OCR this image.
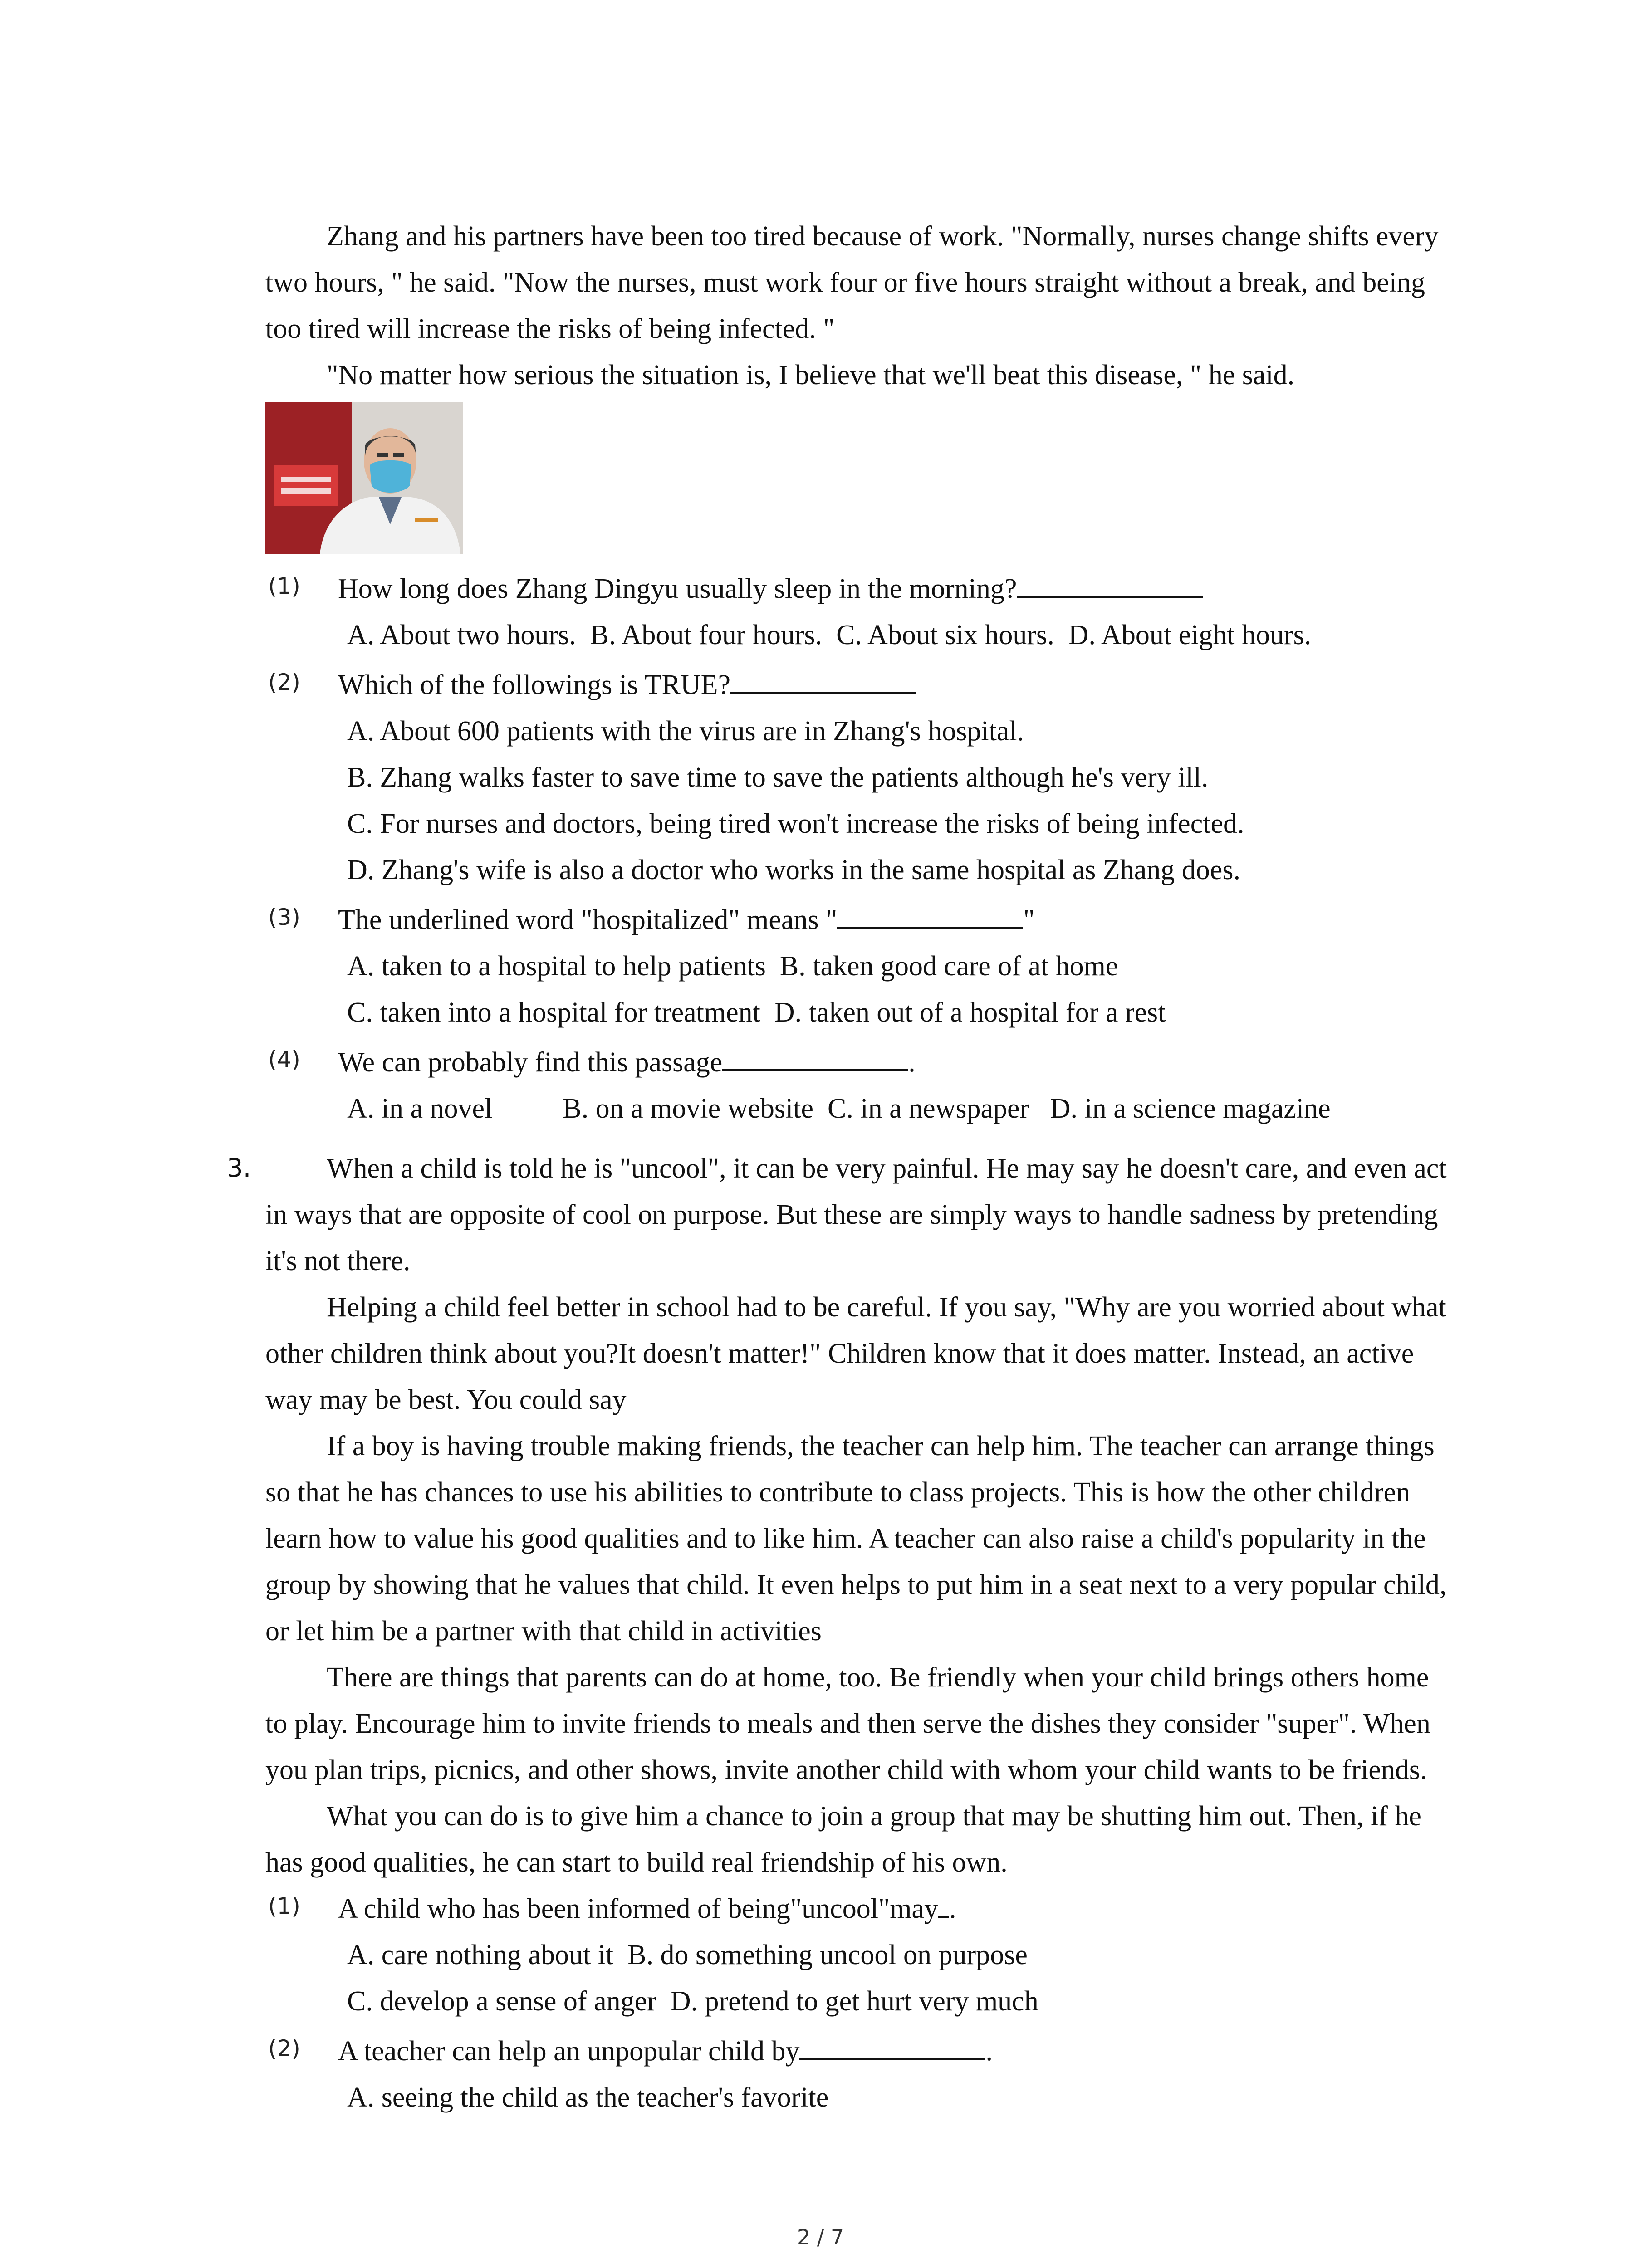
Zhang and his partners have been too tired because of work. "Normally, nurses change shifts every two hours, " he said. "Now the nurses, must work four or five hours straight without a break, and being too tired will increase the risks of being infected. "

"No matter how serious the situation is, I believe that we'll beat this disease, " he said.

(1) How long does Zhang Dingyu usually sleep in the morning?
A. About two hours.  B. About four hours.  C. About six hours.  D. About eight hours.
(2) Which of the followings is TRUE?
A. About 600 patients with the virus are in Zhang's hospital.
B. Zhang walks faster to save time to save the patients although he's very ill.
C. For nurses and doctors, being tired won't increase the risks of being infected.
D. Zhang's wife is also a doctor who works in the same hospital as Zhang does.
(3) The underlined word "hospitalized" means "	"
A. taken to a hospital to help patients  B. taken good care of at home
C. taken into a hospital for treatment  D. taken out of a hospital for a rest
(4) We can probably find this passage	.
A. in a novel          B. on a movie website  C. in a newspaper   D. in a science magazine
3.	When a child is told he is "uncool", it can be very painful. He may say he doesn't care, and even act in ways that are opposite of cool on purpose. But these are simply ways to handle sadness by pretending it's not there.

Helping a child feel better in school had to be careful. If you say, "Why are you worried about what other children think about you?It doesn't matter!" Children know that it does matter. Instead, an active way may be best. You could say

If a boy is having trouble making friends, the teacher can help him. The teacher can arrange things so that he has chances to use his abilities to contribute to class projects. This is how the other children learn how to value his good qualities and to like him. A teacher can also raise a child's popularity in the group by showing that he values that child. It even helps to put him in a seat next to a very popular child, or let him be a partner with that child in activities

There are things that parents can do at home, too. Be friendly when your child brings others home to play. Encourage him to invite friends to meals and then serve the dishes they consider "super". When you plan trips, picnics, and other shows, invite another child with whom your child wants to be friends.

What you can do is to give him a chance to join a group that may be shutting him out. Then, if he has good qualities, he can start to build real friendship of his own.

(1) A child who has been informed of being"uncool"may .
A. care nothing about it  B. do something uncool on purpose
C. develop a sense of anger  D. pretend to get hurt very much
(2) A teacher can help an unpopular child by	.
A. seeing the child as the teacher's favorite
2 / 7
